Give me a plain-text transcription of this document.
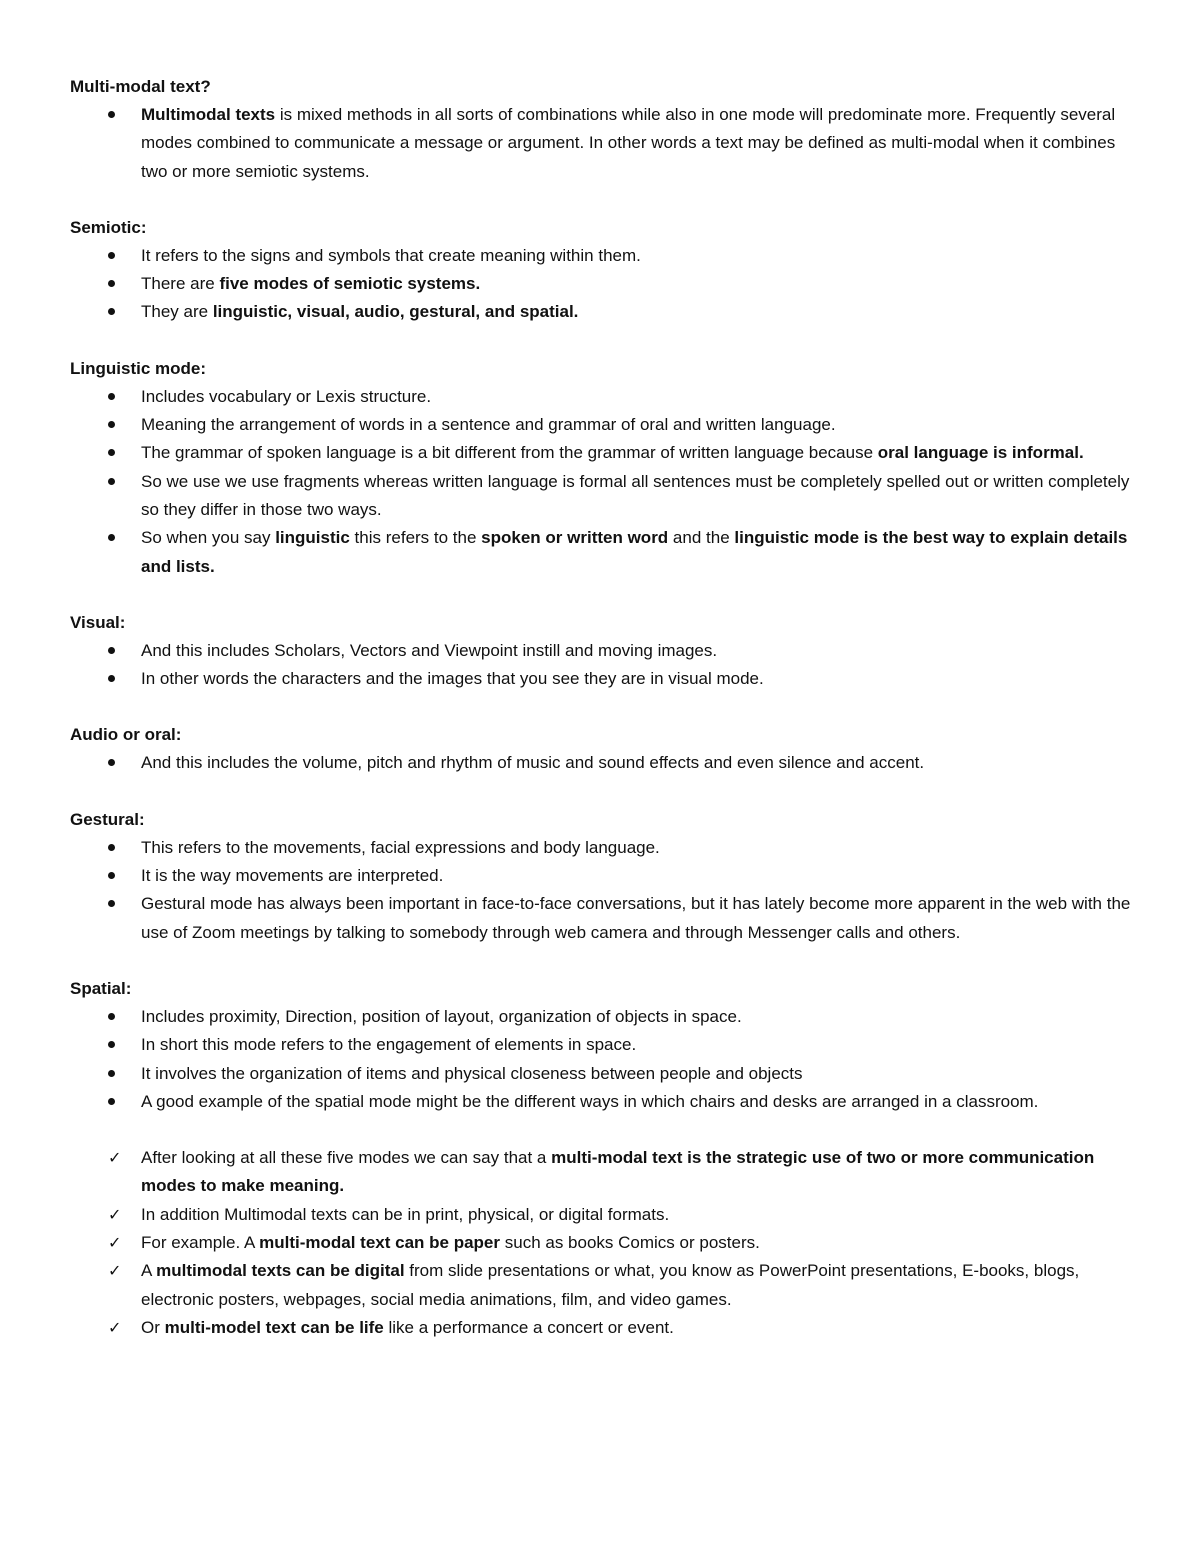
Multi-modal text?
Multimodal texts is mixed methods in all sorts of combinations while also in one mode will predominate more. Frequently several modes combined to communicate a message or argument. In other words a text may be defined as multi-modal when it combines two or more semiotic systems.
Semiotic:
It refers to the signs and symbols that create meaning within them.
There are five modes of semiotic systems.
They are linguistic, visual, audio, gestural, and spatial.
Linguistic mode:
Includes vocabulary or Lexis structure.
Meaning the arrangement of words in a sentence and grammar of oral and written language.
The grammar of spoken language is a bit different from the grammar of written language because oral language is informal.
So we use we use fragments whereas written language is formal all sentences must be completely spelled out or written completely so they differ in those two ways.
So when you say linguistic this refers to the spoken or written word and the linguistic mode is the best way to explain details and lists.
Visual:
And this includes Scholars, Vectors and Viewpoint instill and moving images.
In other words the characters and the images that you see they are in visual mode.
Audio or oral:
And this includes the volume, pitch and rhythm of music and sound effects and even silence and accent.
Gestural:
This refers to the movements, facial expressions and body language.
It is the way movements are interpreted.
Gestural mode has always been important in face-to-face conversations, but it has lately become more apparent in the web with the use of Zoom meetings by talking to somebody through web camera and through Messenger calls and others.
Spatial:
Includes proximity, Direction, position of layout, organization of objects in space.
In short this mode refers to the engagement of elements in space.
It involves the organization of items and physical closeness between people and objects
A good example of the spatial mode might be the different ways in which chairs and desks are arranged in a classroom.
✓ After looking at all these five modes we can say that a multi-modal text is the strategic use of two or more communication modes to make meaning.
✓ In addition Multimodal texts can be in print, physical, or digital formats.
✓ For example. A multi-modal text can be paper such as books Comics or posters.
✓ A multimodal texts can be digital from slide presentations or what, you know as PowerPoint presentations, E-books, blogs, electronic posters, webpages, social media animations, film, and video games.
✓ Or multi-model text can be life like a performance a concert or event.
